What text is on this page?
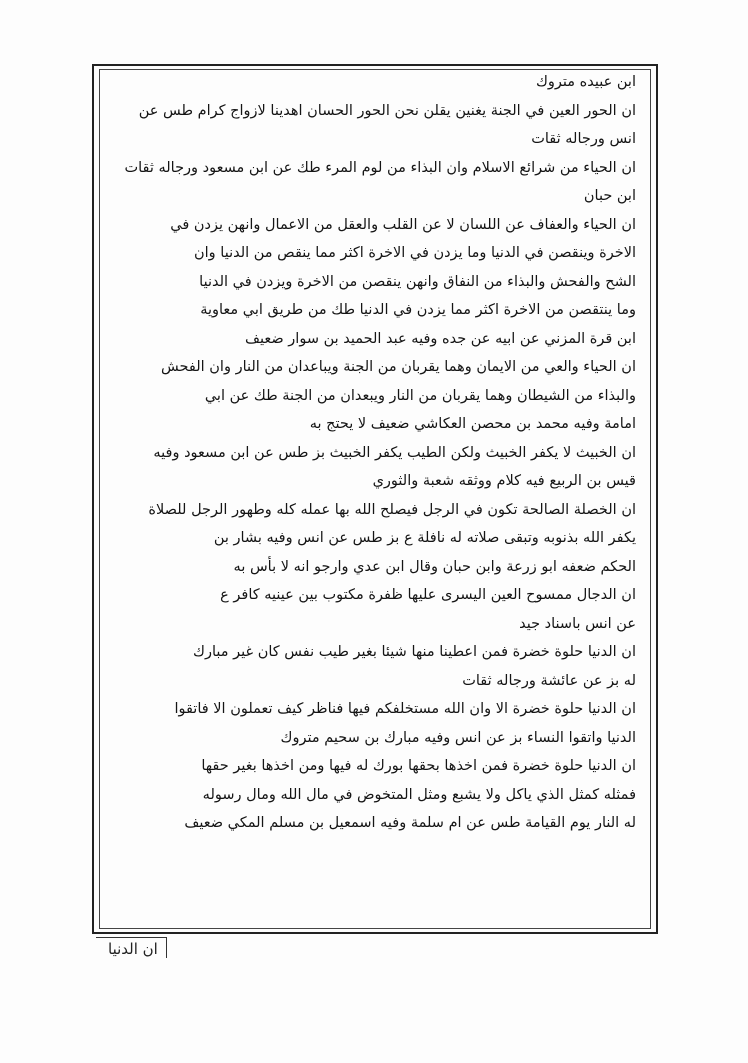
ابن عبيده متروك
ان الحور العين في الجنة يغنين يقلن نحن الحور الحسان اهدينا لازواج كرام طس عن
انس ورجاله ثقات
ان الحياء من شرائع الاسلام وان البذاء من لوم المرء طك عن ابن مسعود ورجاله ثقات
ابن حبان
ان الحياء والعفاف عن اللسان لا عن القلب والعقل من الاعمال وانهن يزدن في
الاخرة وينقصن في الدنيا وما يزدن في الاخرة اكثر مما ينقص من الدنيا وان
الشح والفحش والبذاء من النفاق وانهن ينقصن من الاخرة ويزدن في الدنيا
وما ينتقصن من الاخرة اكثر مما يزدن في الدنيا طك من طريق ابي معاوية
ابن قرة المزني عن ابيه عن جده وفيه عبد الحميد بن سوار ضعيف
ان الحياء والعي من الايمان وهما يقربان من الجنة ويباعدان من النار وان الفحش
والبذاء من الشيطان وهما يقربان من النار ويبعدان من الجنة طك عن ابي
امامة وفيه محمد بن محصن العكاشي ضعيف لا يحتج به
ان الخبيث لا يكفر الخبيث ولكن الطيب يكفر الخبيث بز طس عن ابن مسعود وفيه
قيس بن الربيع فيه كلام ووثقه شعبة والثوري
ان الخصلة الصالحة تكون في الرجل فيصلح الله بها عمله كله وطهور الرجل للصلاة
يكفر الله بذنوبه وتبقى صلاته له نافلة ع بز طس عن انس وفيه بشار بن
الحكم ضعفه ابو زرعة وابن حبان وقال ابن عدي وارجو انه لا بأس به
ان الدجال ممسوح العين اليسرى عليها ظفرة مكتوب بين عينيه كافر ع
عن انس باسناد جيد
ان الدنيا حلوة خضرة فمن اعطينا منها شيئا بغير طيب نفس كان غير مبارك
له بز عن عائشة ورجاله ثقات
ان الدنيا حلوة خضرة الا وان الله مستخلفكم فيها فناظر كيف تعملون الا فاتقوا
الدنيا واتقوا النساء بز عن انس وفيه مبارك بن سحيم متروك
ان الدنيا حلوة خضرة فمن اخذها بحقها بورك له فيها ومن اخذها بغير حقها
فمثله كمثل الذي ياكل ولا يشبع ومثل المتخوض في مال الله ومال رسوله
له النار يوم القيامة طس عن ام سلمة وفيه اسمعيل بن مسلم المكي ضعيف
ان الدنيا
